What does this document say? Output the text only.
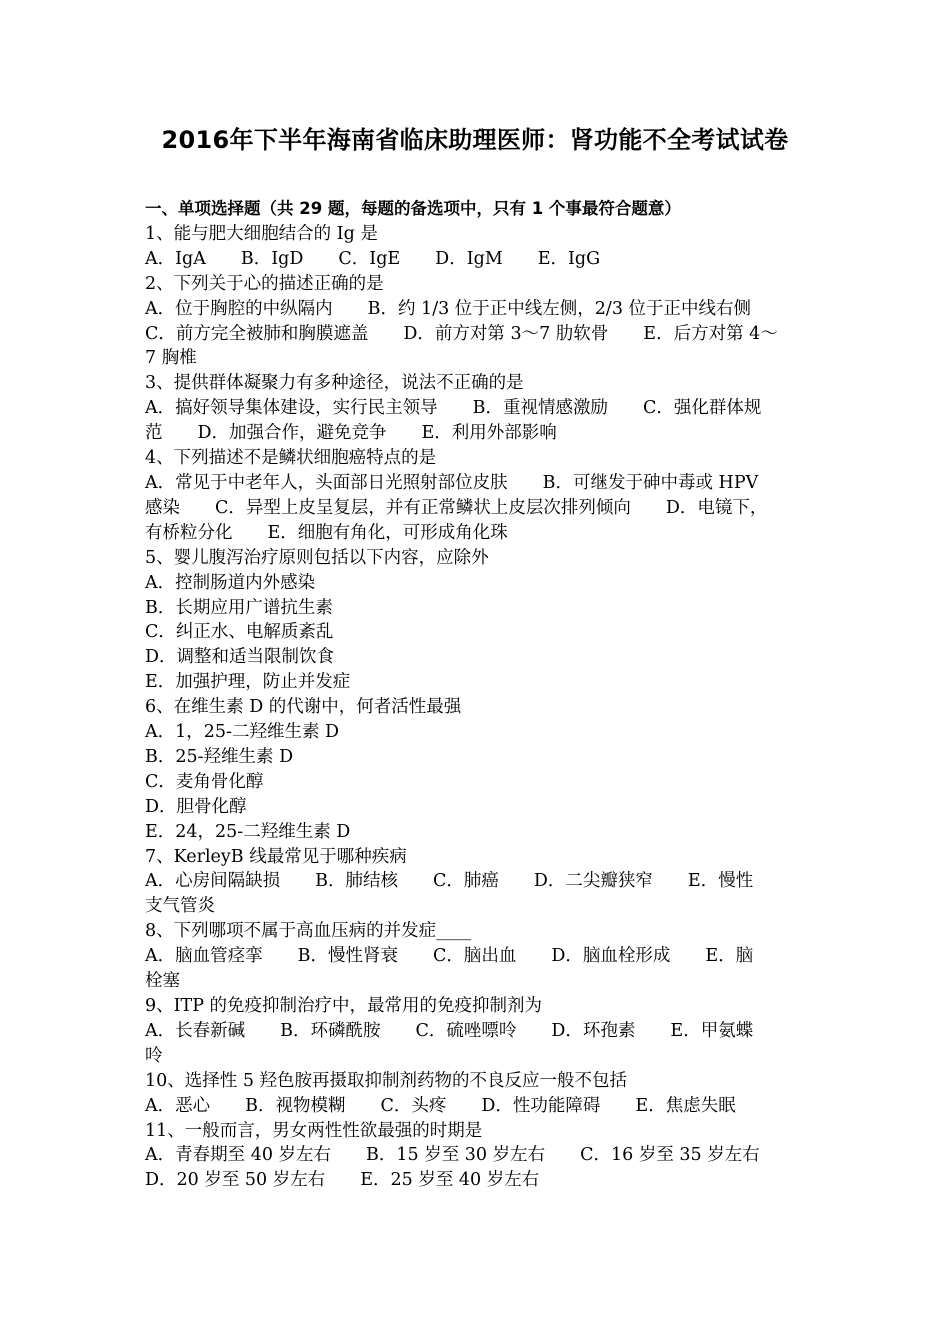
2016年下半年海南省临床助理医师：肾功能不全考试试卷
一、单项选择题（共 29 题，每题的备选项中，只有 1 个事最符合题意）
1、能与肥大细胞结合的 Ig 是
A．IgA　　B．IgD　　C．IgE　　D．IgM　　E．IgG
2、下列关于心的描述正确的是
A．位于胸腔的中纵隔内　　B．约 1/3 位于正中线左侧，2/3 位于正中线右侧
C．前方完全被肺和胸膜遮盖　　D．前方对第 3～7 肋软骨　　E．后方对第 4～
7 胸椎
3、提供群体凝聚力有多种途径，说法不正确的是
A．搞好领导集体建设，实行民主领导　　B．重视情感激励　　C．强化群体规
范　　D．加强合作，避免竞争　　E．利用外部影响
4、下列描述不是鳞状细胞癌特点的是
A．常见于中老年人，头面部日光照射部位皮肤　　B．可继发于砷中毒或 HPV
感染　　C．异型上皮呈复层，并有正常鳞状上皮层次排列倾向　　D．电镜下，
有桥粒分化　　E．细胞有角化，可形成角化珠
5、婴儿腹泻治疗原则包括以下内容，应除外
A．控制肠道内外感染
B．长期应用广谱抗生素
C．纠正水、电解质紊乱
D．调整和适当限制饮食
E．加强护理，防止并发症
6、在维生素 D 的代谢中，何者活性最强
A．1，25-二羟维生素 D
B．25-羟维生素 D
C．麦角骨化醇
D．胆骨化醇
E．24，25-二羟维生素 D
7、KerleyB 线最常见于哪种疾病
A．心房间隔缺损　　B．肺结核　　C．肺癌　　D．二尖瓣狭窄　　E．慢性
支气管炎
8、下列哪项不属于高血压病的并发症____
A．脑血管痉挛　　B．慢性肾衰　　C．脑出血　　D．脑血栓形成　　E．脑
栓塞
9、ITP 的免疫抑制治疗中，最常用的免疫抑制剂为
A．长春新碱　　B．环磷酰胺　　C．硫唑嘌呤　　D．环孢素　　E．甲氨蝶
呤
10、选择性 5 羟色胺再摄取抑制剂药物的不良反应一般不包括
A．恶心　　B．视物模糊　　C．头疼　　D．性功能障碍　　E．焦虑失眠
11、一般而言，男女两性性欲最强的时期是
A．青春期至 40 岁左右　　B．15 岁至 30 岁左右　　C．16 岁至 35 岁左右
D．20 岁至 50 岁左右　　E．25 岁至 40 岁左右
